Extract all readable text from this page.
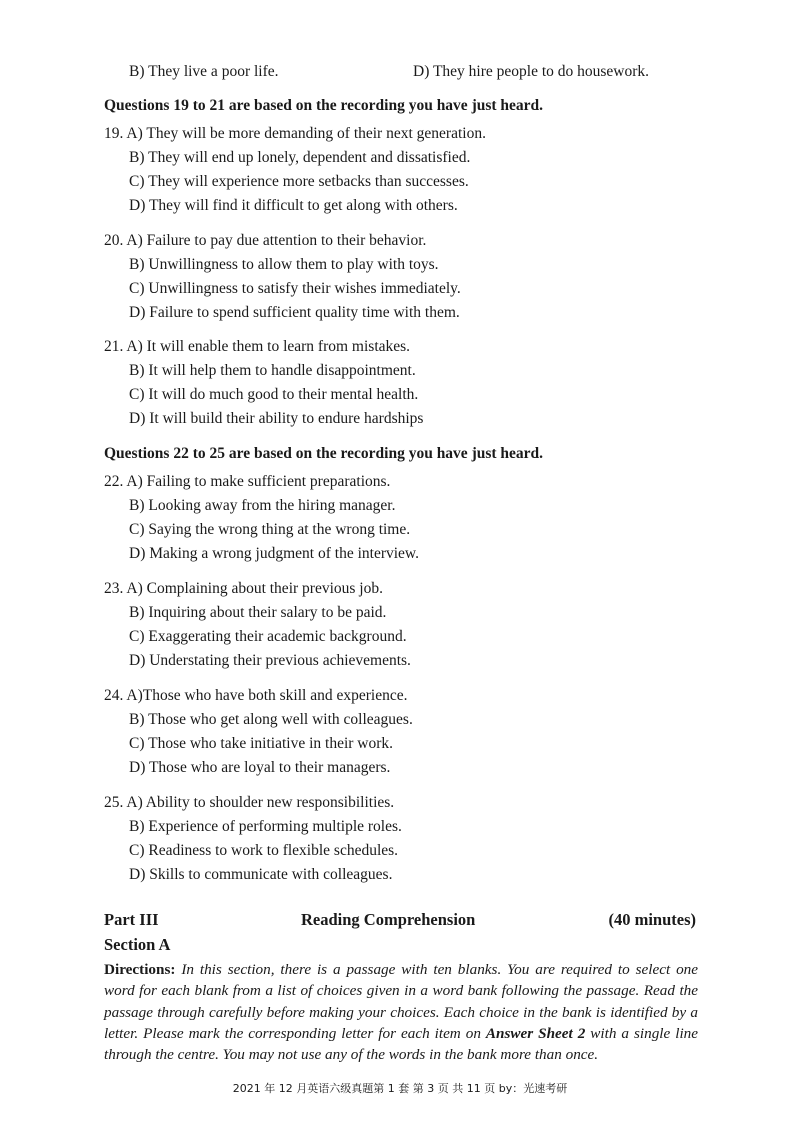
B) They live a poor life.	D) They hire people to do housework.
Questions 19 to 21 are based on the recording you have just heard.
19. A) They will be more demanding of their next generation.
B) They will end up lonely, dependent and dissatisfied.
C) They will experience more setbacks than successes.
D) They will find it difficult to get along with others.
20. A) Failure to pay due attention to their behavior.
B) Unwillingness to allow them to play with toys.
C) Unwillingness to satisfy their wishes immediately.
D) Failure to spend sufficient quality time with them.
21. A) It will enable them to learn from mistakes.
B) It will help them to handle disappointment.
C) It will do much good to their mental health.
D) It will build their ability to endure hardships
Questions 22 to 25 are based on the recording you have just heard.
22. A) Failing to make sufficient preparations.
B) Looking away from the hiring manager.
C) Saying the wrong thing at the wrong time.
D) Making a wrong judgment of the interview.
23. A) Complaining about their previous job.
B) Inquiring about their salary to be paid.
C) Exaggerating their academic background.
D) Understating their previous achievements.
24. A)Those who have both skill and experience.
B) Those who get along well with colleagues.
C) Those who take initiative in their work.
D) Those who are loyal to their managers.
25. A) Ability to shoulder new responsibilities.
B) Experience of performing multiple roles.
C) Readiness to work to flexible schedules.
D) Skills to communicate with colleagues.
Part III	Reading Comprehension	(40 minutes)
Section A
Directions: In this section, there is a passage with ten blanks. You are required to select one word for each blank from a list of choices given in a word bank following the passage. Read the passage through carefully before making your choices. Each choice in the bank is identified by a letter. Please mark the corresponding letter for each item on Answer Sheet 2 with a single line through the centre. You may not use any of the words in the bank more than once.
2021 年 12 月英语六级真题第 1 套 第 3 页 共 11 页 by：光速考研
